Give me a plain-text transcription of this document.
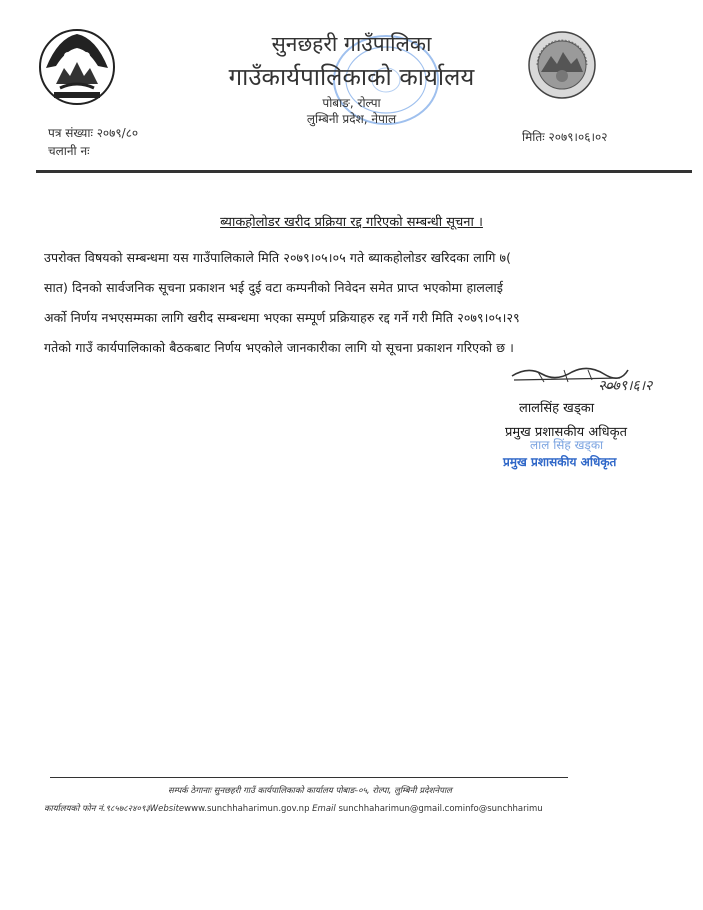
सुनछहरी गाउँपालिका
गाउँकार्यपालिकाको कार्यालय
पोबाङ, रोल्पा
लुम्बिनी प्रदेश, नेपाल
पत्र संख्याः २०७९/८०
चलानी नः
मितिः २०७९।०६।०२
ब्याकहोलोडर खरीद प्रक्रिया रद्द गरिएको सम्बन्धी सूचना ।
उपरोक्त विषयको सम्बन्धमा यस गाउँपालिकाले मिति २०७९।०५।०५ गते ब्याकहोलोडर खरिदका लागि ७(
सात) दिनको सार्वजनिक सूचना प्रकाशन भई दुई वटा कम्पनीको निवेदन समेत प्राप्त भएकोमा हाललाई
अर्को निर्णय नभएसम्मका लागि खरीद सम्बन्धमा भएका सम्पूर्ण प्रक्रियाहरु रद्द गर्ने गरी मिति २०७९।०५।२९
गतेको गाउँ कार्यपालिकाको बैठकबाट निर्णय भएकोले जानकारीका लागि यो सूचना प्रकाशन गरिएको छ ।
२०७९।६।२
लालसिंह खड्का
प्रमुख प्रशासकीय अधिकृत
लाल सिंह खड्का
प्रमुख प्रशासकीय अधिकृत
सम्पर्क ठेगानाः सुनछहरी गाउँ कार्यपालिकाको कार्यालय पोबाङ-०५, रोल्पा, लुम्बिनी प्रदेशनेपाल
कार्यालयको फोन नं.९८५७८२४०९३Websitewww.sunchhaharimun.gov.np Email sunchhaharimun@gmail.cominfo@sunchharimu
